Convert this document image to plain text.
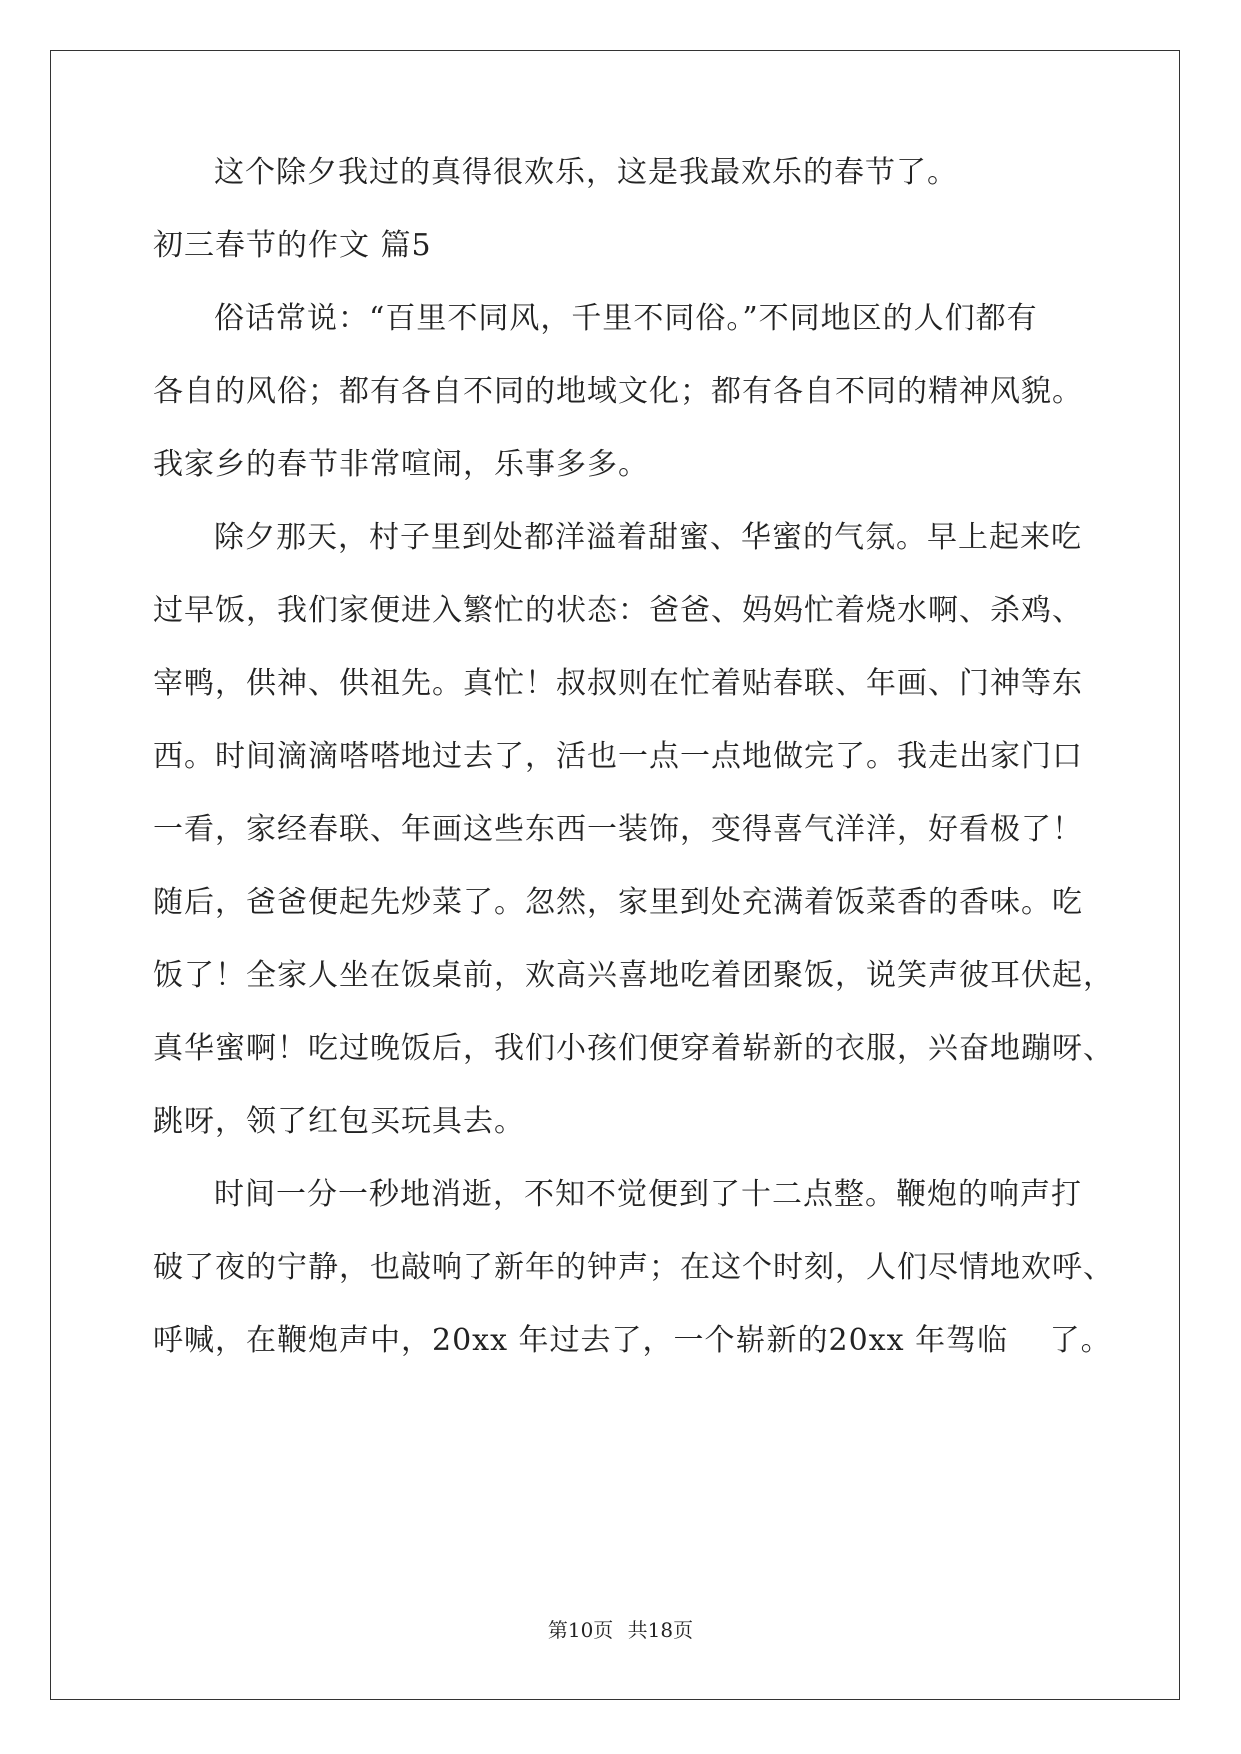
这个除夕我过的真得很欢乐，这是我最欢乐的春节了。
初三春节的作文 篇5
俗话常说：“百里不同风，千里不同俗。”不同地区的人们都有
各自的风俗；都有各自不同的地域文化；都有各自不同的精神风貌。
我家乡的春节非常喧闹，乐事多多。
除夕那天，村子里到处都洋溢着甜蜜、华蜜的气氛。早上起来吃
过早饭，我们家便进入繁忙的状态：爸爸、妈妈忙着烧水啊、杀鸡、
宰鸭，供神、供祖先。真忙！叔叔则在忙着贴春联、年画、门神等东
西。时间滴滴嗒嗒地过去了，活也一点一点地做完了。我走出家门口
一看，家经春联、年画这些东西一装饰，变得喜气洋洋，好看极了！
随后，爸爸便起先炒菜了。忽然，家里到处充满着饭菜香的香味。吃
饭了！全家人坐在饭桌前，欢高兴喜地吃着团聚饭，说笑声彼耳伏起，
真华蜜啊！吃过晚饭后，我们小孩们便穿着崭新的衣服，兴奋地蹦呀、
跳呀，领了红包买玩具去。
时间一分一秒地消逝，不知不觉便到了十二点整。鞭炮的响声打
破了夜的宁静，也敲响了新年的钟声；在这个时刻，人们尽情地欢呼、
呼喊，在鞭炮声中，20xx 年过去了，一个崭新的20xx 年驾临　 了。
第10页 共18页
